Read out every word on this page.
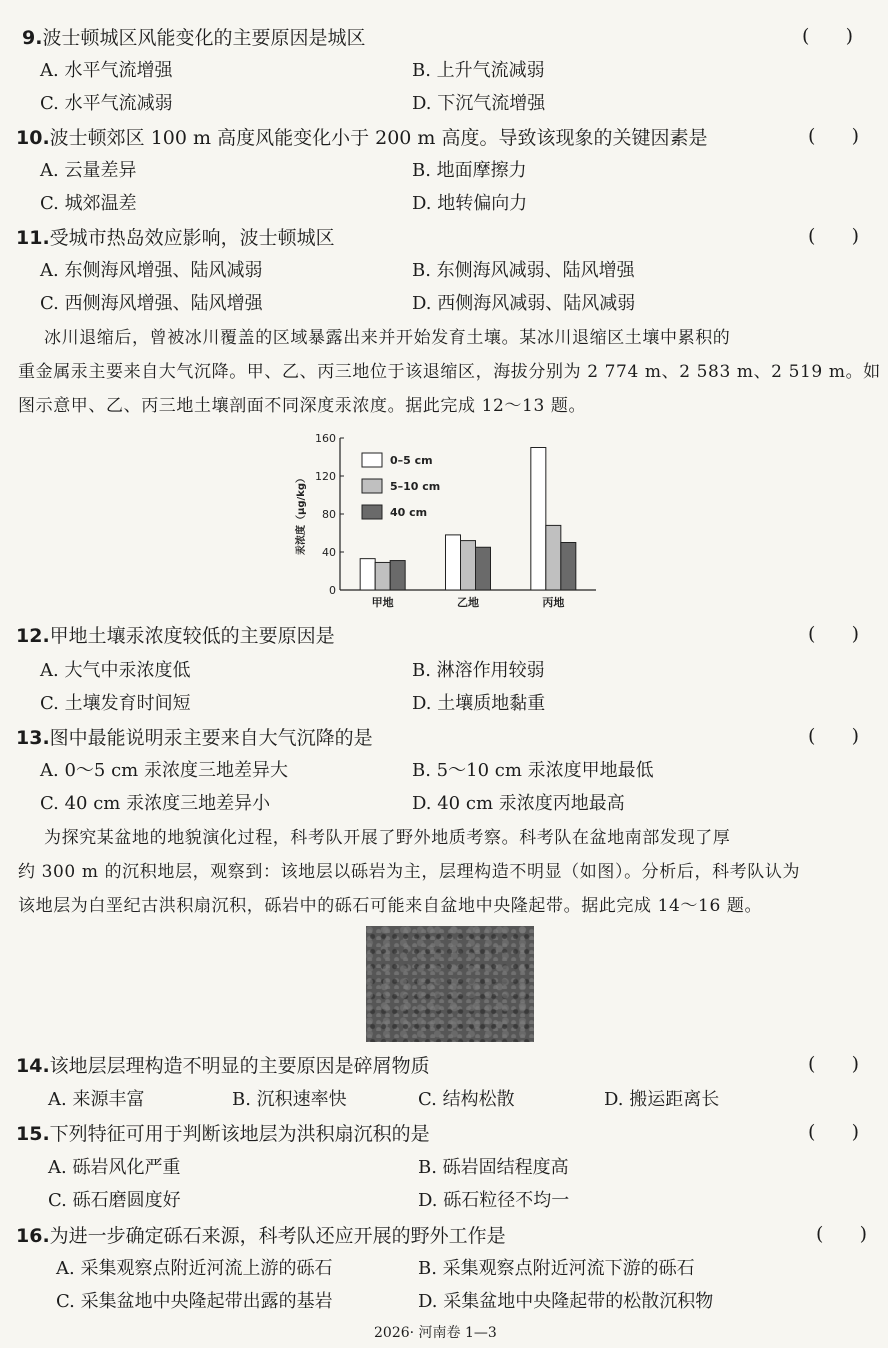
9.波士顿城区风能变化的主要原因是城区	(      )
A. 水平气流增强	B. 上升气流减弱
C. 水平气流减弱	D. 下沉气流增强
10.波士顿郊区 100 m 高度风能变化小于 200 m 高度。导致该现象的关键因素是	(      )
A. 云量差异	B. 地面摩擦力
C. 城郊温差	D. 地转偏向力
11.受城市热岛效应影响，波士顿城区	(      )
A. 东侧海风增强、陆风减弱	B. 东侧海风减弱、陆风增强
C. 西侧海风增强、陆风增强	D. 西侧海风减弱、陆风减弱
冰川退缩后，曾被冰川覆盖的区域暴露出来并开始发育土壤。某冰川退缩区土壤中累积的
重金属汞主要来自大气沉降。甲、乙、丙三地位于该退缩区，海拔分别为 2 774 m、2 583 m、2 519 m。如
图示意甲、乙、丙三地土壤剖面不同深度汞浓度。据此完成 12～13 题。
0
40
80
120
160
汞浓度（μg/kg）
甲地	乙地	丙地
0–5 cm
5–10 cm
40 cm
12.甲地土壤汞浓度较低的主要原因是	(      )
A. 大气中汞浓度低	B. 淋溶作用较弱
C. 土壤发育时间短	D. 土壤质地黏重
13.图中最能说明汞主要来自大气沉降的是	(      )
A. 0～5 cm 汞浓度三地差异大	B. 5～10 cm 汞浓度甲地最低
C. 40 cm 汞浓度三地差异小	D. 40 cm 汞浓度丙地最高
为探究某盆地的地貌演化过程，科考队开展了野外地质考察。科考队在盆地南部发现了厚
约 300 m 的沉积地层，观察到：该地层以砾岩为主，层理构造不明显（如图）。分析后，科考队认为
该地层为白垩纪古洪积扇沉积，砾岩中的砾石可能来自盆地中央隆起带。据此完成 14～16 题。
14.该地层层理构造不明显的主要原因是碎屑物质	(      )
A. 来源丰富	B. 沉积速率快	C. 结构松散	D. 搬运距离长
15.下列特征可用于判断该地层为洪积扇沉积的是	(      )
A. 砾岩风化严重	B. 砾岩固结程度高
C. 砾石磨圆度好	D. 砾石粒径不均一
16.为进一步确定砾石来源，科考队还应开展的野外工作是	(      )
A. 采集观察点附近河流上游的砾石	B. 采集观察点附近河流下游的砾石
C. 采集盆地中央隆起带出露的基岩	D. 采集盆地中央隆起带的松散沉积物
2026· 河南卷 1—3
